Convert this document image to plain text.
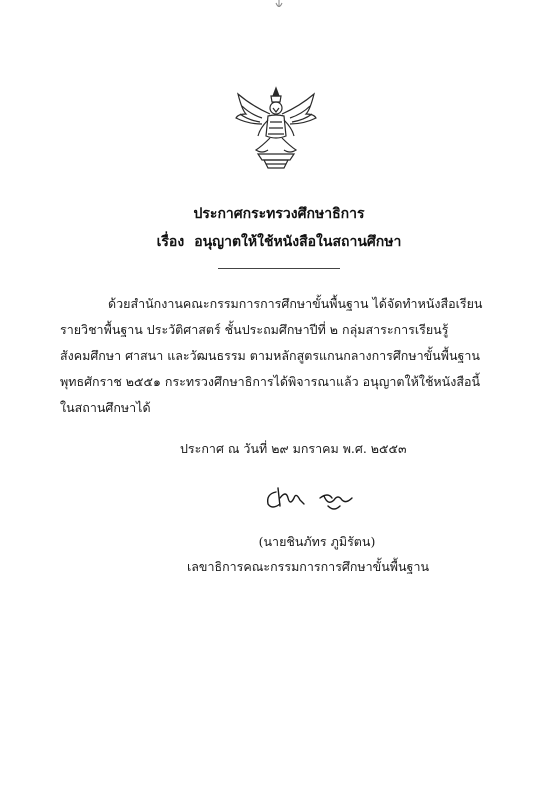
ประกาศกระทรวงศึกษาธิการ
เรื่อง อนุญาตให้ใช้หนังสือในสถานศึกษา
ด้วยสำนักงานคณะกรรมการการศึกษาขั้นพื้นฐาน ได้จัดทำหนังสือเรียน
รายวิชาพื้นฐาน ประวัติศาสตร์ ชั้นประถมศึกษาปีที่ ๒ กลุ่มสาระการเรียนรู้
สังคมศึกษา ศาสนา และวัฒนธรรม ตามหลักสูตรแกนกลางการศึกษาขั้นพื้นฐาน
พุทธศักราช ๒๕๕๑ กระทรวงศึกษาธิการได้พิจารณาแล้ว อนุญาตให้ใช้หนังสือนี้
ในสถานศึกษาได้
ประกาศ ณ วันที่ ๒๙ มกราคม พ.ศ. ๒๕๕๓
(นายชินภัทร ภูมิรัตน)
เลขาธิการคณะกรรมการการศึกษาขั้นพื้นฐาน
